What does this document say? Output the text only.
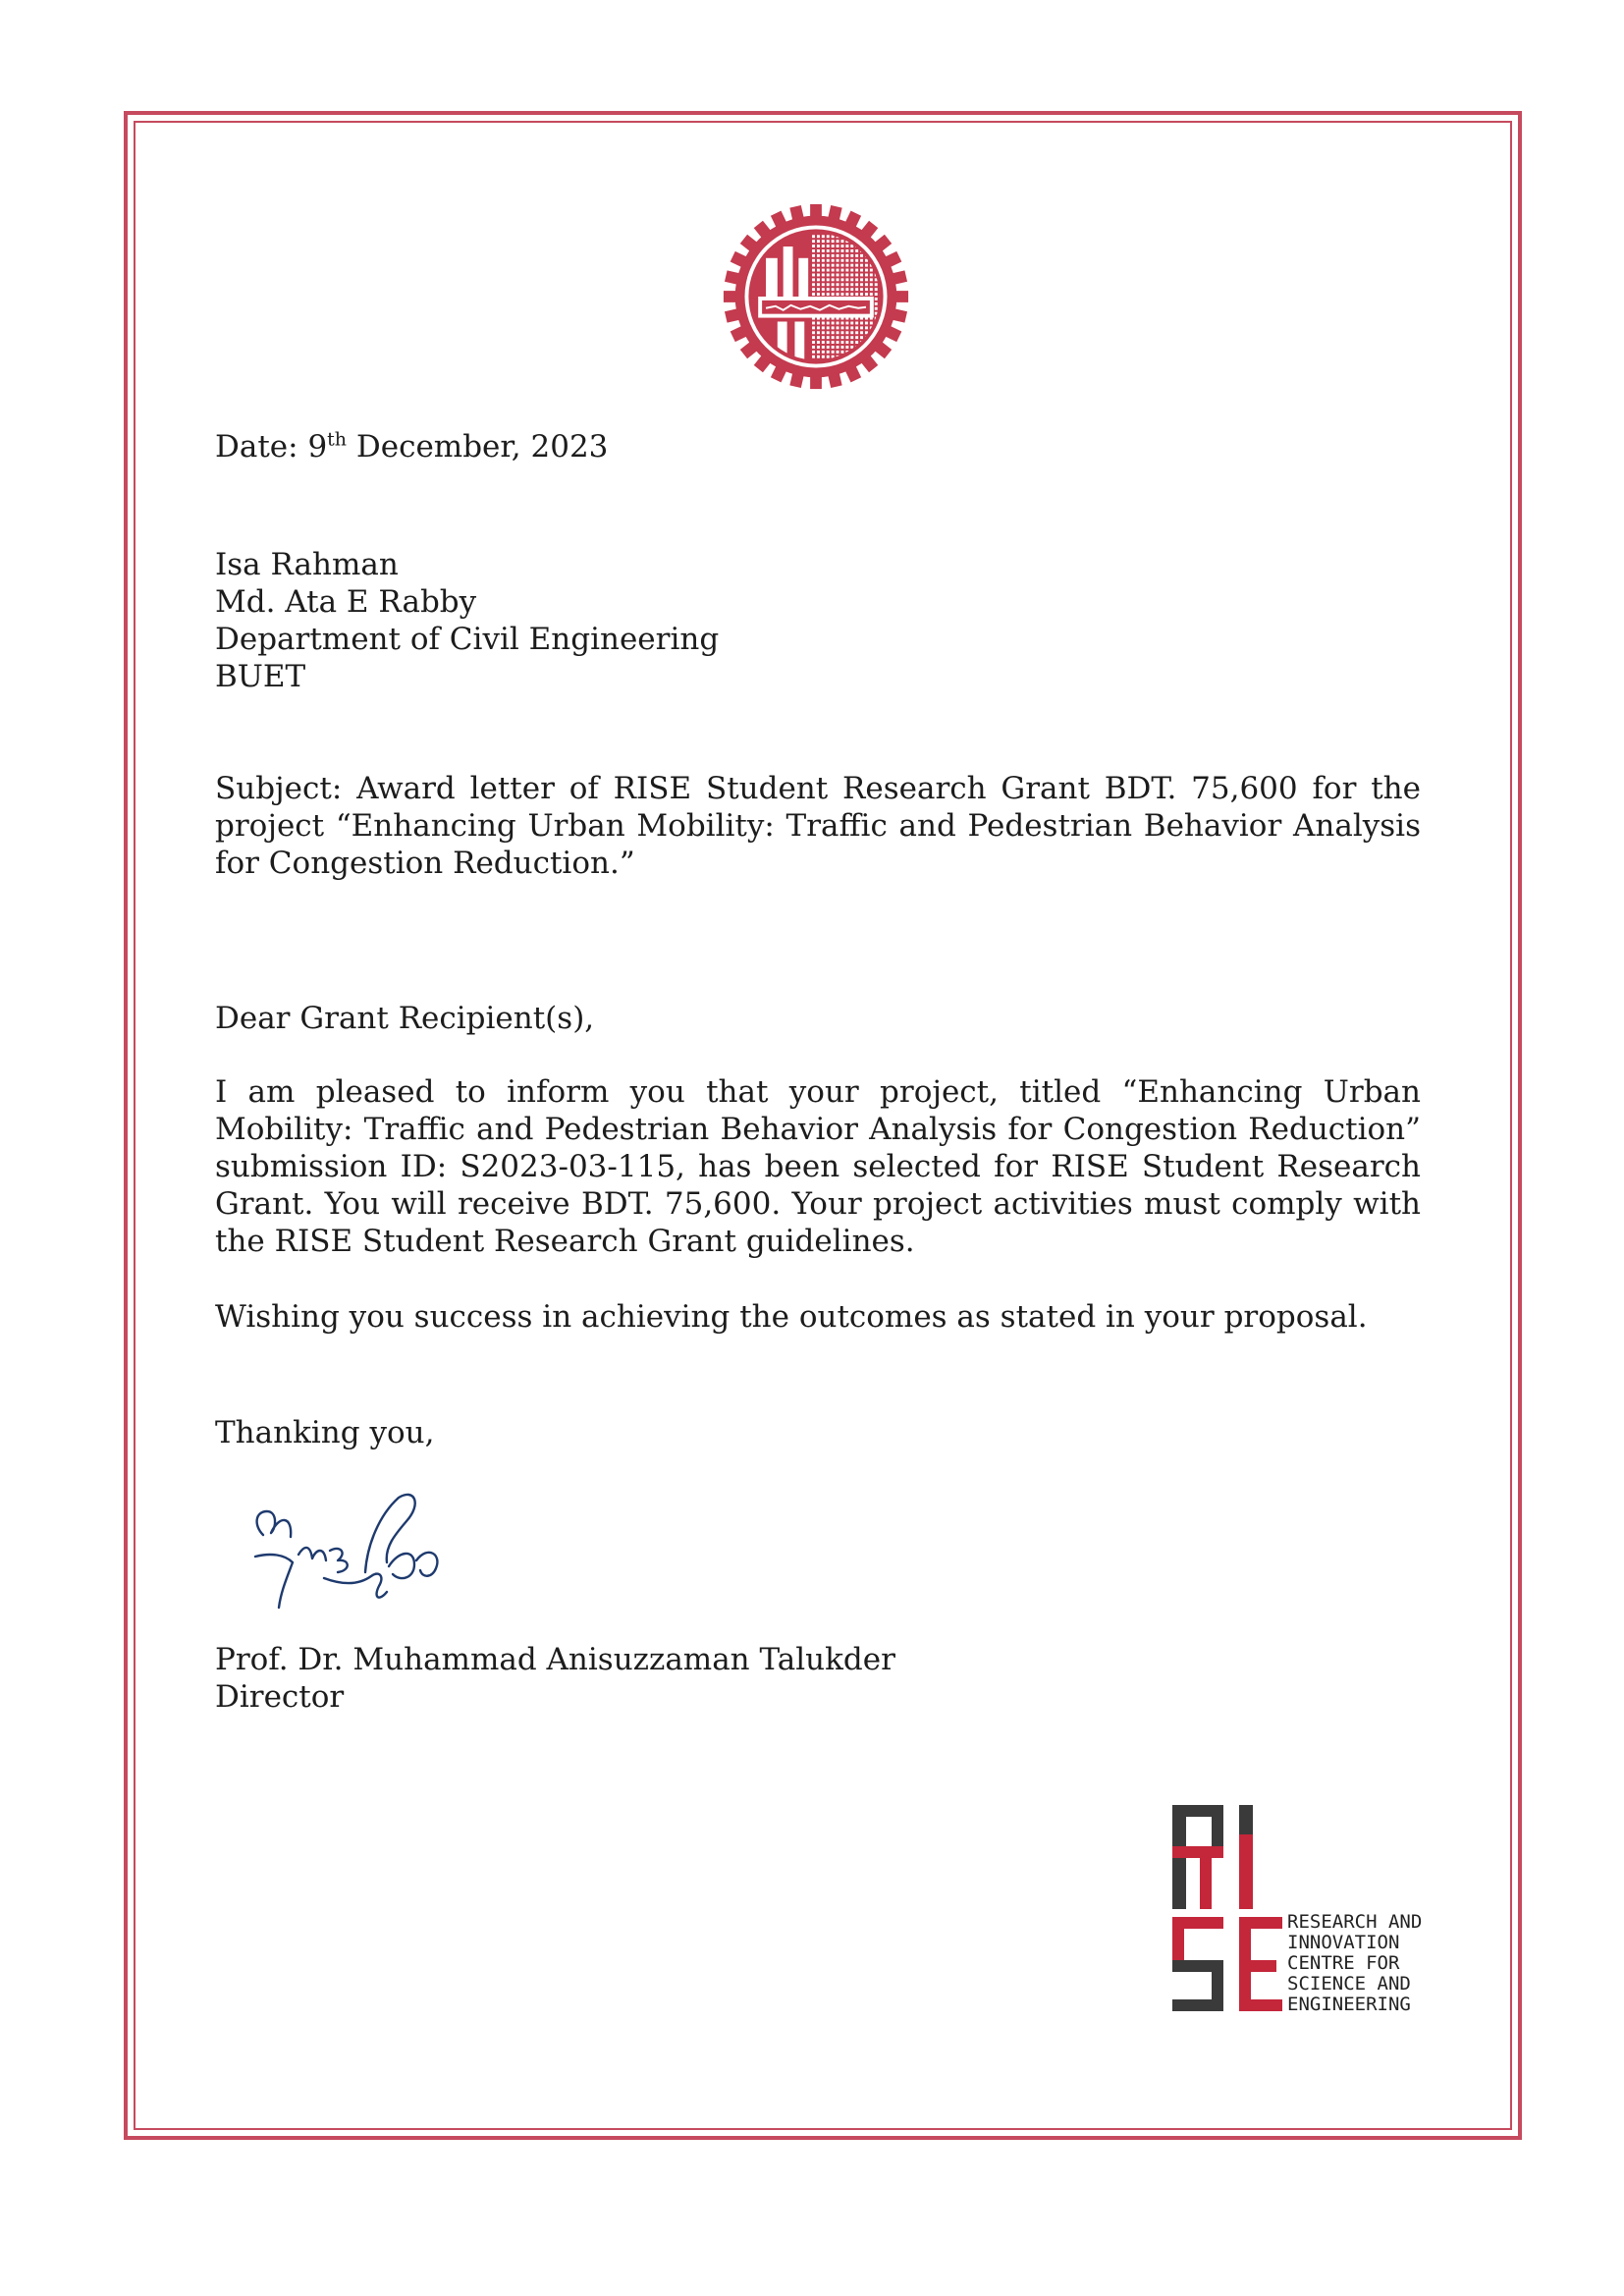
Date: 9th December, 2023
Isa Rahman
Md. Ata E Rabby
Department of Civil Engineering
BUET
Subject: Award letter of RISE Student Research Grant BDT. 75,600 for the project “Enhancing Urban Mobility: Traffic and Pedestrian Behavior Analysis for Congestion Reduction.”
Dear Grant Recipient(s),
I am pleased to inform you that your project, titled “Enhancing Urban Mobility: Traffic and Pedestrian Behavior Analysis for Congestion Reduction” submission ID: S2023-03-115, has been selected for RISE Student Research Grant. You will receive BDT. 75,600. Your project activities must comply with the RISE Student Research Grant guidelines.
Wishing you success in achieving the outcomes as stated in your proposal.
Thanking you,
Prof. Dr. Muhammad Anisuzzaman Talukder
Director
RESEARCH AND
INNOVATION
CENTRE FOR
SCIENCE AND
ENGINEERING
